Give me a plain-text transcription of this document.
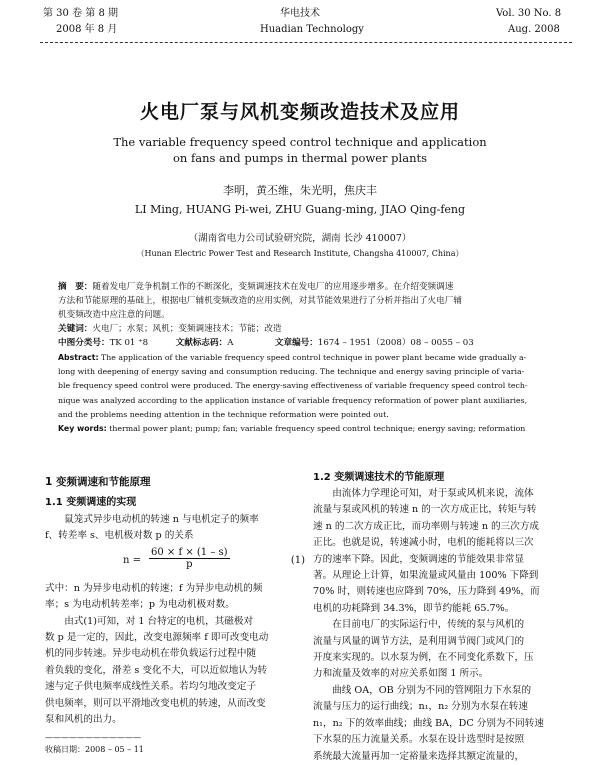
第 30 卷 第 8 期
2008 年 8 月
华电技术
Huadian Technology
Vol. 30 No. 8
Aug. 2008
火电厂泵与风机变频改造技术及应用
The variable frequency speed control technique and application
on fans and pumps in thermal power plants
李明，黄丕维，朱光明，焦庆丰
LI Ming, HUANG Pi-wei, ZHU Guang-ming, JIAO Qing-feng
（湖南省电力公司试验研究院，湖南 长沙 410007）
（Hunan Electric Power Test and Research Institute, Changsha 410007, China）
摘　要：随着发电厂竞争机制工作的不断深化，变频调速技术在发电厂的应用逐步增多。在介绍变频调速
方法和节能原理的基础上，根据电厂辅机变频改造的应用实例，对其节能效果进行了分析并指出了火电厂辅
机变频改造中应注意的问题。
关键词：火电厂；水泵；风机；变频调速技术；节能；改造
中图分类号：TK 01 ⁺8	文献标志码：A	文章编号：1674 – 1951（2008）08 – 0055 – 03
Abstract: The application of the variable frequency speed control technique in power plant became wide gradually a-
long with deepening of energy saving and consumption reducing. The technique and energy saving principle of varia-
ble frequency speed control were produced. The energy-saving effectiveness of variable frequency speed control tech-
nique was analyzed according to the application instance of variable frequency reformation of power plant auxiliaries,
and the problems needing attention in the technique reformation were pointed out.
Key words: thermal power plant; pump; fan; variable frequency speed control technique; energy saving; reformation
1 变频调速和节能原理
1.1 变频调速的实现

鼠笼式异步电动机的转速 n 与电机定子的频率

f、转差率 s、电机极对数 p 的关系
$n = \frac{60 \times f \times (1 - s)}{p}$	(1)
式中：n 为异步电动机的转速；f 为异步电动机的频
率；s 为电动机转差率；p 为电动机极对数。

由式(1)可知，对 1 台特定的电机，其磁极对

数 p 是一定的，因此，改变电源频率 f 即可改变电动
机的同步转速。异步电动机在带负载运行过程中随
着负载的变化，滑差 s 变化不大，可以近似地认为转
速与定子供电频率成线性关系。若均匀地改变定子
供电频率，则可以平滑地改变电机的转速，从而改变
泵和风机的出力。
————————————
收稿日期：2008 – 05 – 11
1.2 变频调速技术的节能原理

由流体力学理论可知，对于泵或风机来说，流体

流量与泵或风机的转速 n 的一次方成正比，转矩与转
速 n 的二次方成正比，而功率则与转速 n 的三次方成
正比。也就是说，转速减小时，电机的能耗将以三次
方的速率下降。因此，变频调速的节能效果非常显
著。从理论上计算，如果流量或风量由 100% 下降到
70% 时，则转速也应降到 70%，压力降到 49%，而
电机的功耗降到 34.3%，即节约能耗 65.7%。

在目前电厂的实际运行中，传统的泵与风机的

流量与风量的调节方法，是利用调节阀门或风门的
开度来实现的。以水泵为例，在不同变化系数下，压
力和流量及效率的对应关系如图 1 所示。

曲线 OA，OB 分别为不同的管网阻力下水泵的

流量与压力的运行曲线；n₁，n₂ 分别为水泵在转速
n₁，n₂ 下的效率曲线；曲线 BA，DC 分别为不同转速
下水泵的压力流量关系。水泵在设计选型时是按照
系统最大流量再加一定裕量来选择其额定流量的，
